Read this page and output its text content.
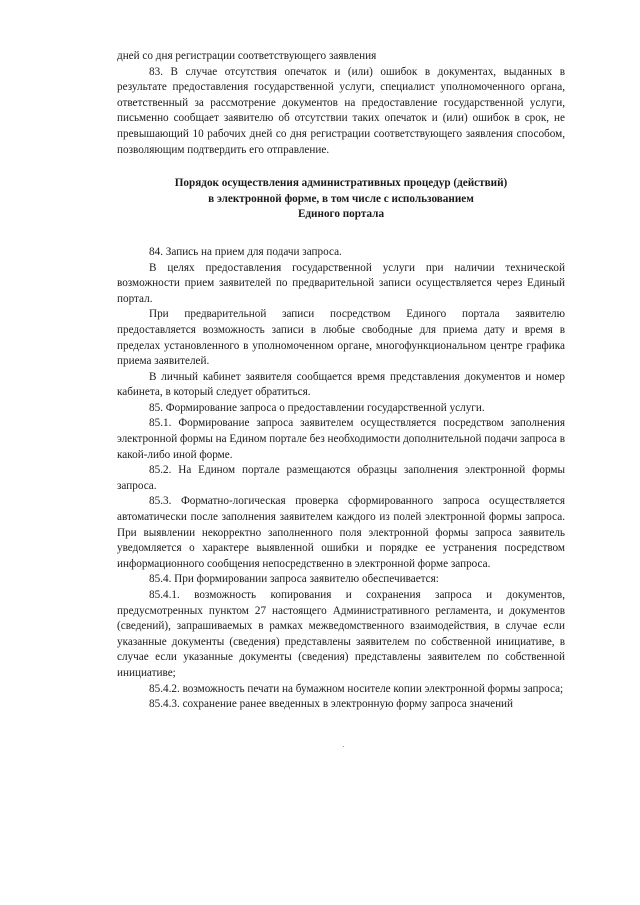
дней со дня регистрации соответствующего заявления

83. В случае отсутствия опечаток и (или) ошибок в документах, выданных в результате предоставления государственной услуги, специалист уполномоченного органа, ответственный за рассмотрение документов на предоставление государственной услуги, письменно сообщает заявителю об отсутствии таких опечаток и (или) ошибок в срок, не превышающий 10 рабочих дней со дня регистрации соответствующего заявления способом, позволяющим подтвердить его отправление.

Порядок осуществления административных процедур (действий)
в электронной форме, в том числе с использованием
Единого портала

84. Запись на прием для подачи запроса.

В целях предоставления государственной услуги при наличии технической возможности прием заявителей по предварительной записи осуществляется через Единый портал.

При предварительной записи посредством Единого портала заявителю предоставляется возможность записи в любые свободные для приема дату и время в пределах установленного в уполномоченном органе, многофункциональном центре графика приема заявителей.

В личный кабинет заявителя сообщается время представления документов и номер кабинета, в который следует обратиться.

85. Формирование запроса о предоставлении государственной услуги.

85.1. Формирование запроса заявителем осуществляется посредством заполнения электронной формы на Едином портале без необходимости дополнительной подачи запроса в какой-либо иной форме.

85.2. На Едином портале размещаются образцы заполнения электронной формы запроса.

85.3. Форматно-логическая проверка сформированного запроса осуществляется автоматически после заполнения заявителем каждого из полей электронной формы запроса. При выявлении некорректно заполненного поля электронной формы запроса заявитель уведомляется о характере выявленной ошибки и порядке ее устранения посредством информационного сообщения непосредственно в электронной форме запроса.

85.4. При формировании запроса заявителю обеспечивается:

85.4.1. возможность копирования и сохранения запроса и документов, предусмотренных пунктом 27 настоящего Административного регламента, и документов (сведений), запрашиваемых в рамках межведомственного взаимодействия, в случае если указанные документы (сведения) представлены заявителем по собственной инициативе, в случае если указанные документы (сведения) представлены заявителем по собственной инициативе;

85.4.2. возможность печати на бумажном носителе копии электронной формы запроса;

85.4.3. сохранение ранее введенных в электронную форму запроса значений
